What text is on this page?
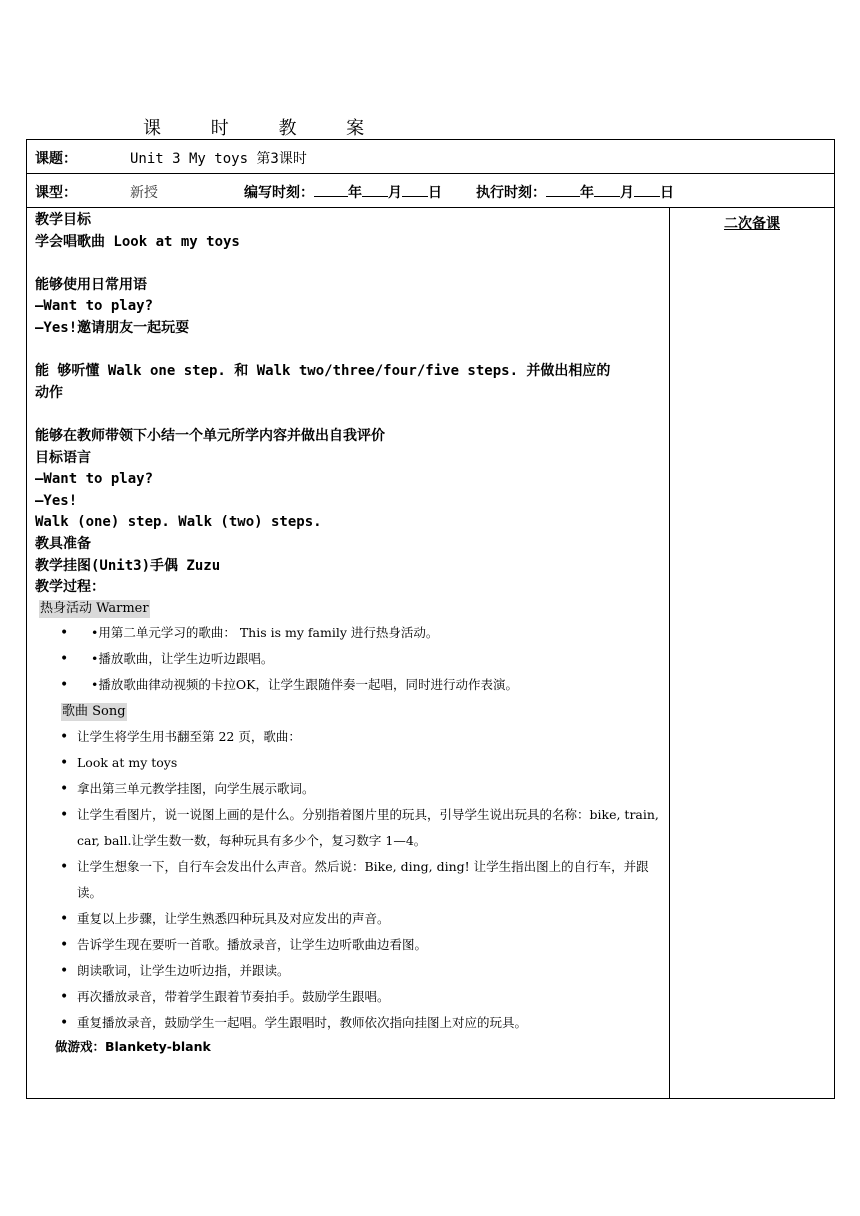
课 时 教 案
课题：	Unit 3 My toys 第3课时

课型：	新授	编写时刻： 年 月 日 执行时刻： 年 月 日

教学目标
学会唱歌曲 Look at my toys
能够使用日常用语
—Want to play?
—Yes!邀请朋友一起玩耍
能 够听懂 Walk one step. 和 Walk two/three/four/five steps. 并做出相应的
动作
能够在教师带领下小结一个单元所学内容并做出自我评价
目标语言
—Want to play?
—Yes!
Walk (one) step. Walk (two) steps.
教具准备
教学挂图(Unit3)手偶 Zuzu
教学过程：
热身活动 Warmer
• •用第二单元学习的歌曲： This is my family 进行热身活动。
• •播放歌曲，让学生边听边跟唱。
• •播放歌曲律动视频的卡拉OK，让学生跟随伴奏一起唱，同时进行动作表演。
歌曲 Song
• 让学生将学生用书翻至第 22 页，歌曲：
• Look at my toys
• 拿出第三单元教学挂图，向学生展示歌词。
• 让学生看图片，说一说图上画的是什么。分别指着图片里的玩具，引导学生说出玩具的名称：bike, train, car, ball.让学生数一数，每种玩具有多少个，复习数字 1—4。
• 让学生想象一下，自行车会发出什么声音。然后说：Bike, ding, ding! 让学生指出图上的自行车，并跟读。
• 重复以上步骤，让学生熟悉四种玩具及对应发出的声音。
• 告诉学生现在要听一首歌。播放录音，让学生边听歌曲边看图。
• 朗读歌词，让学生边听边指，并跟读。
• 再次播放录音，带着学生跟着节奏拍手。鼓励学生跟唱。
• 重复播放录音，鼓励学生一起唱。学生跟唱时，教师依次指向挂图上对应的玩具。
做游戏：Blankety-blank
	二次备课
